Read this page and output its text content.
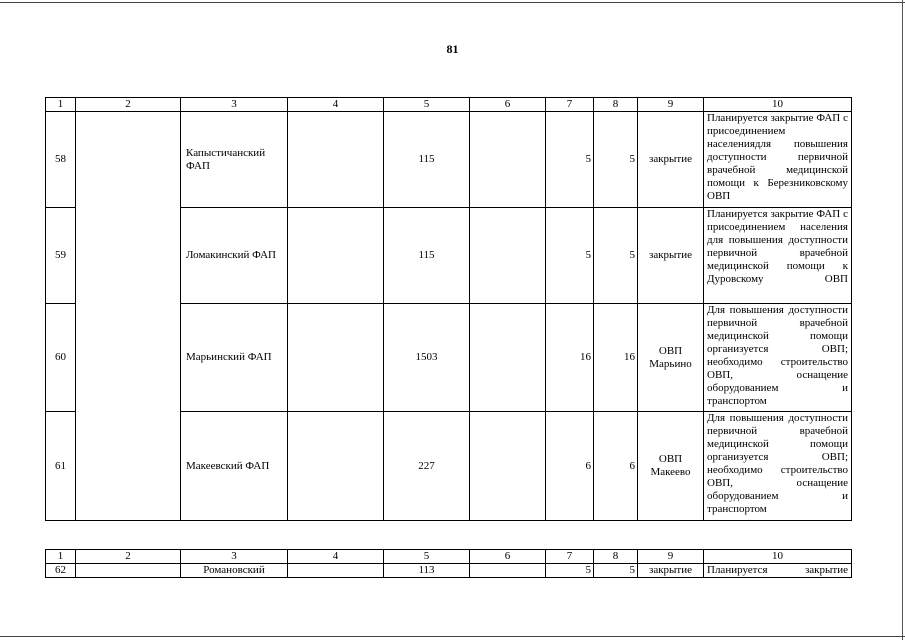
81
1	2	3	4	5	6	7	8	9	10
58		Капыстичанский ФАП		115		5	5	закрытие	Планируется закрытие ФАП с присоединением населениядля повышения доступности первичной врачебной медицинской помощи к Березниковскому ОВП
59		Ломакинский ФАП		115		5	5	закрытие	Планируется закрытие ФАП с присоединением населения для повышения доступности первичной врачебной медицинской помощи к Дуровскому ОВП
60		Марьинский ФАП		1503		16	16	ОВП Марьино	Для повышения доступности первичной врачебной медицинской помощи организуется ОВП; необходимо строительство ОВП, оснащение оборудованием и транспортом
61		Макеевский ФАП		227		6	6	ОВП Макеево	Для повышения доступности первичной врачебной медицинской помощи организуется ОВП; необходимо строительство ОВП, оснащение оборудованием и транспортом
1	2	3	4	5	6	7	8	9	10
62		Романовский		113		5	5	закрытие	Планируется закрытие
